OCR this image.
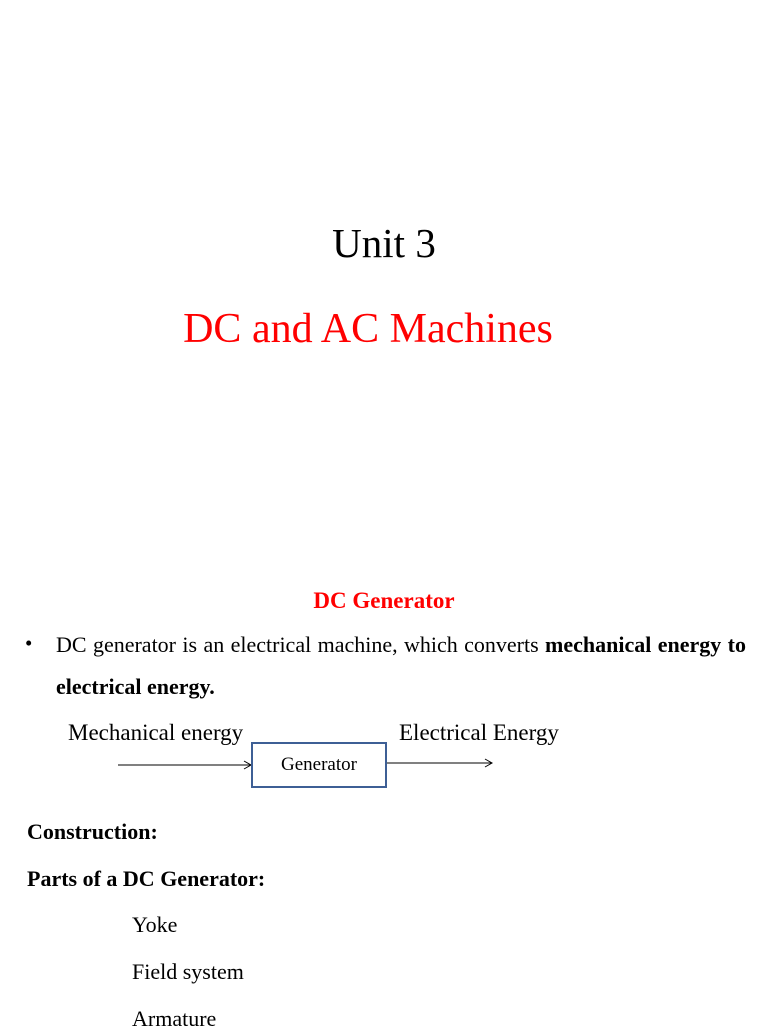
Unit 3
DC and AC Machines
DC Generator
• DC generator is an electrical machine, which converts mechanical energy to electrical energy.
Mechanical energy	Electrical Energy
Generator
Construction:
Parts of a DC Generator:
Yoke
Field system
Armature
